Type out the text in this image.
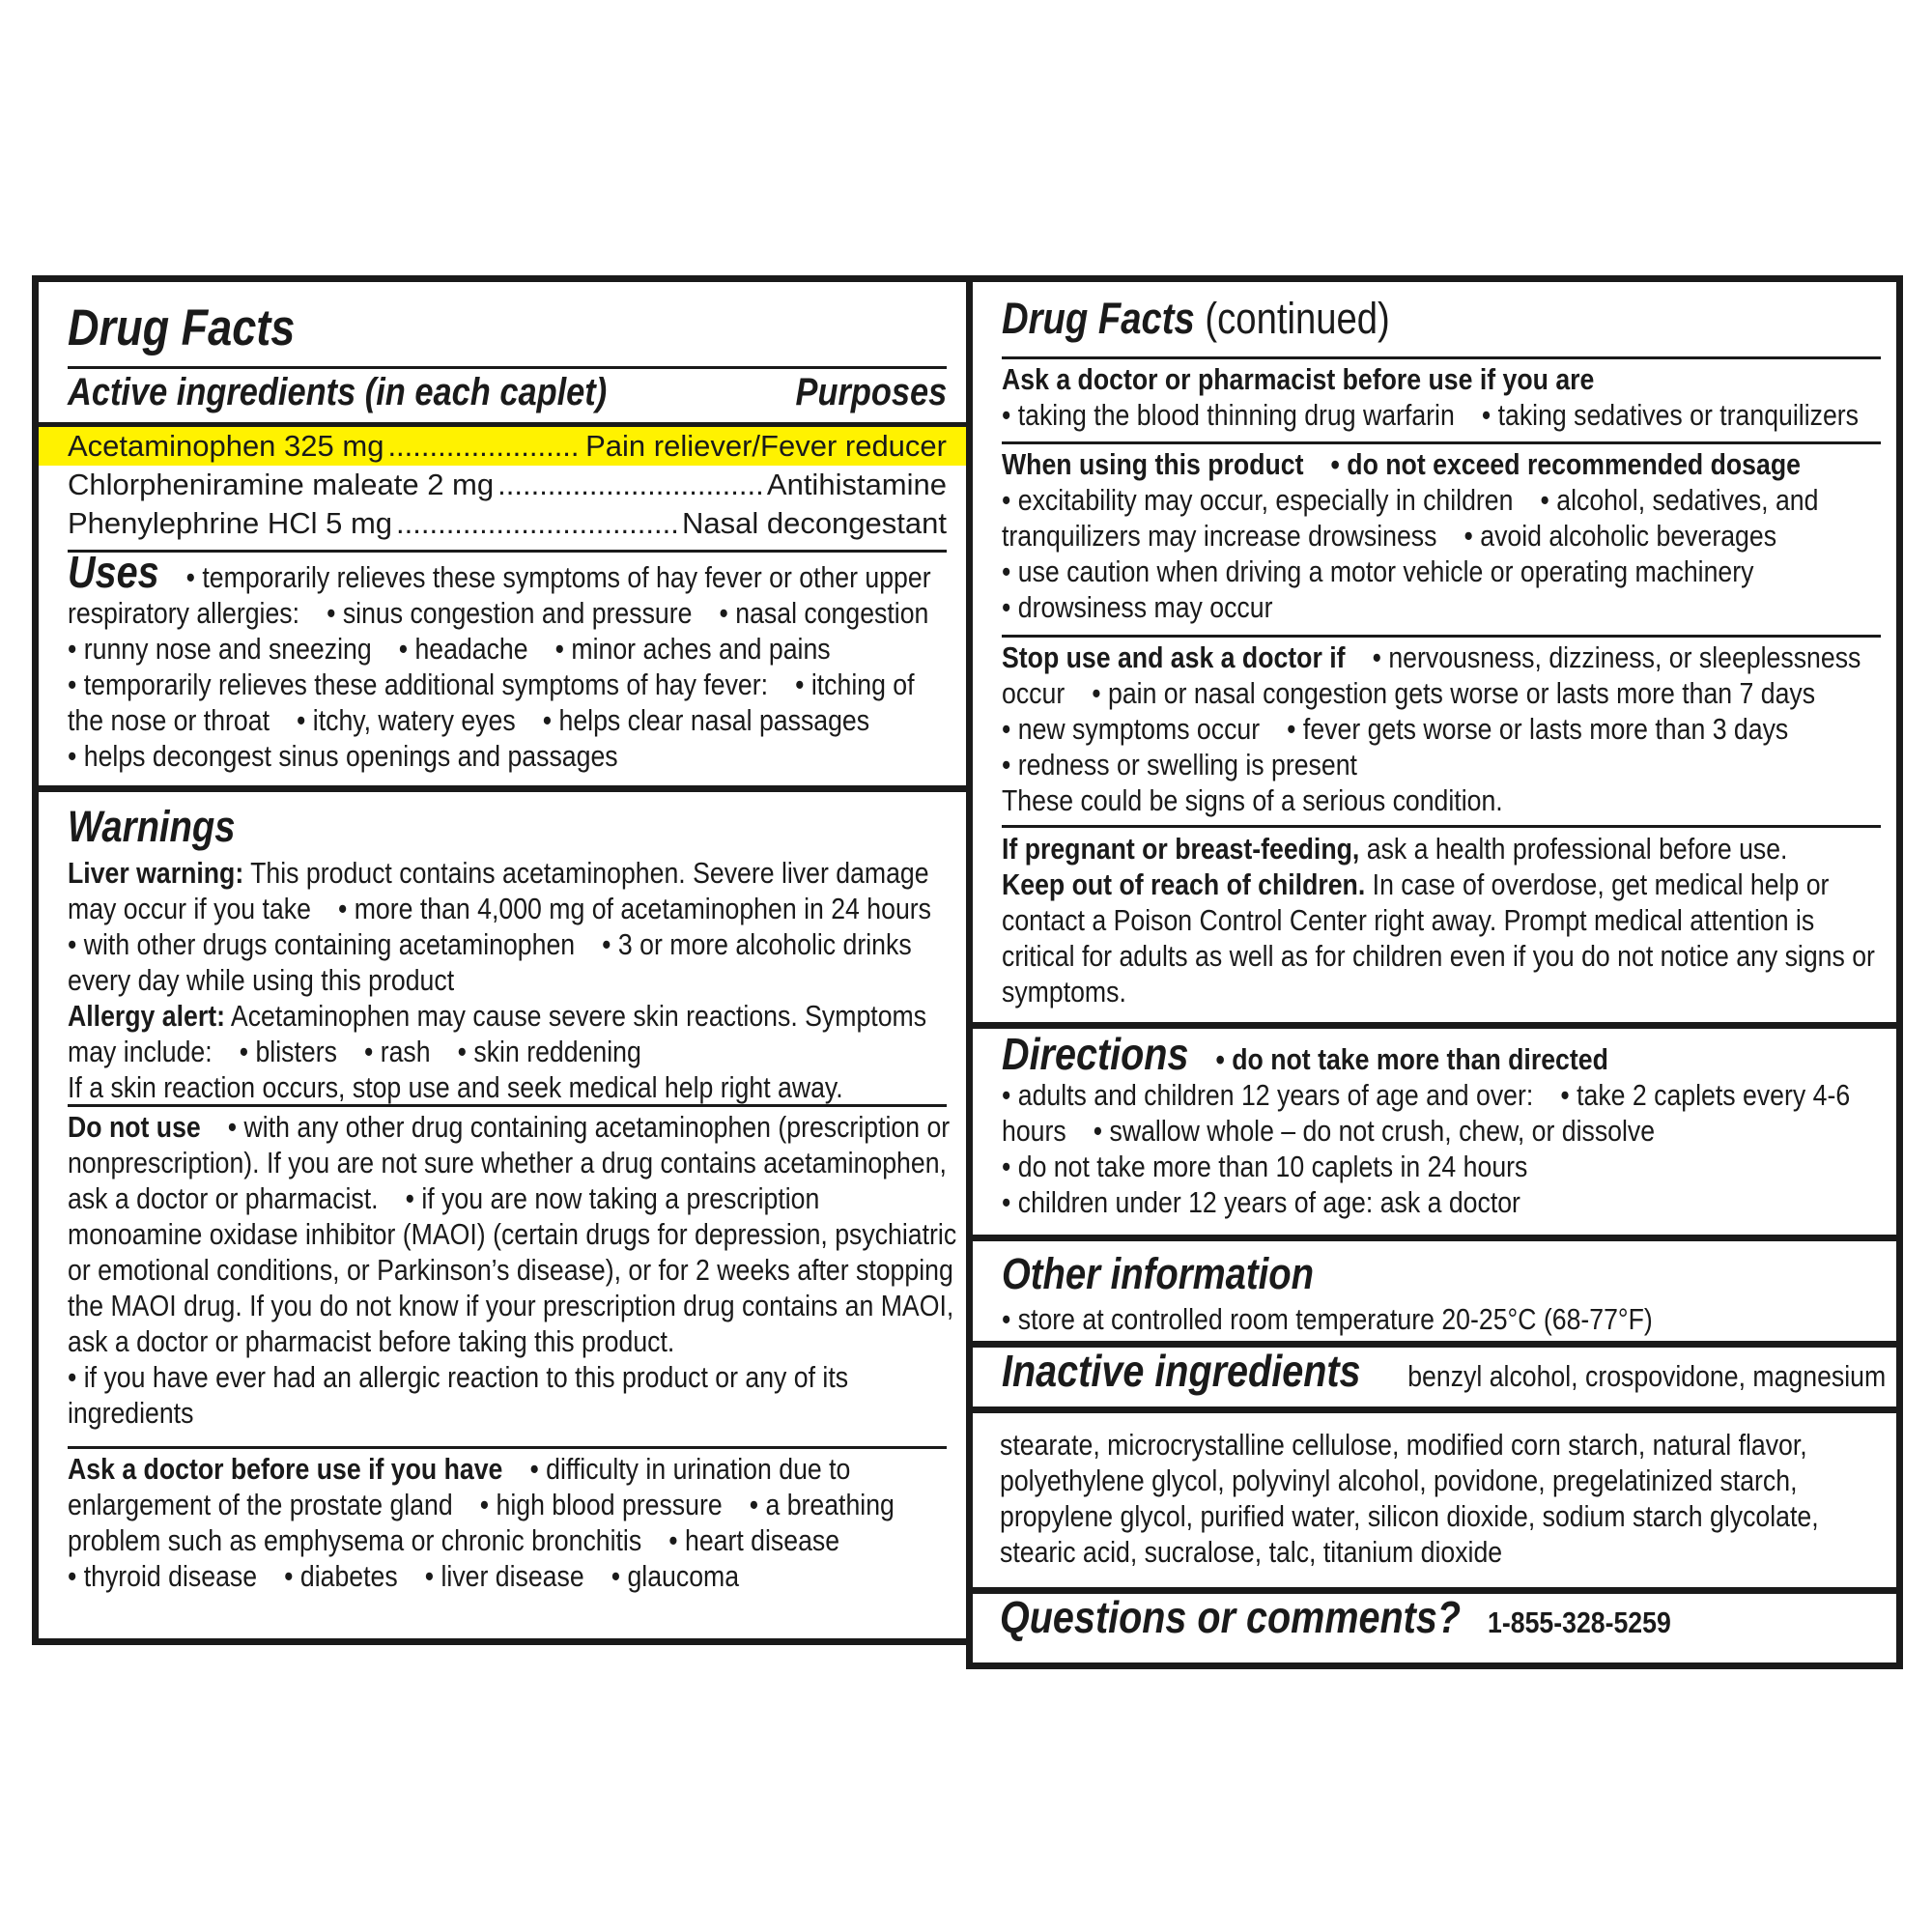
Drug Facts
Active ingredients (in each caplet)	Purposes
Acetaminophen 325 mg .....	Pain reliever/Fever reducer
Chlorpheniramine maleate 2 mg .....	Antihistamine
Phenylephrine HCl 5 mg .....	Nasal decongestant
Uses • temporarily relieves these symptoms of hay fever or other upper respiratory allergies: • sinus congestion and pressure • nasal congestion
• runny nose and sneezing • headache • minor aches and pains
• temporarily relieves these additional symptoms of hay fever: • itching of the nose or throat • itchy, watery eyes • helps clear nasal passages
• helps decongest sinus openings and passages
Warnings
Liver warning: This product contains acetaminophen. Severe liver damage may occur if you take • more than 4,000 mg of acetaminophen in 24 hours
• with other drugs containing acetaminophen • 3 or more alcoholic drinks every day while using this product
Allergy alert: Acetaminophen may cause severe skin reactions. Symptoms may include: • blisters • rash • skin reddening
If a skin reaction occurs, stop use and seek medical help right away.
Do not use • with any other drug containing acetaminophen (prescription or nonprescription). If you are not sure whether a drug contains acetaminophen, ask a doctor or pharmacist. • if you are now taking a prescription monoamine oxidase inhibitor (MAOI) (certain drugs for depression, psychiatric or emotional conditions, or Parkinson’s disease), or for 2 weeks after stopping the MAOI drug. If you do not know if your prescription drug contains an MAOI, ask a doctor or pharmacist before taking this product.
• if you have ever had an allergic reaction to this product or any of its ingredients
Ask a doctor before use if you have • difficulty in urination due to enlargement of the prostate gland • high blood pressure • a breathing problem such as emphysema or chronic bronchitis • heart disease
• thyroid disease • diabetes • liver disease • glaucoma
Drug Facts (continued)
Ask a doctor or pharmacist before use if you are
• taking the blood thinning drug warfarin • taking sedatives or tranquilizers
When using this product • do not exceed recommended dosage
• excitability may occur, especially in children • alcohol, sedatives, and tranquilizers may increase drowsiness • avoid alcoholic beverages
• use caution when driving a motor vehicle or operating machinery
• drowsiness may occur
Stop use and ask a doctor if • nervousness, dizziness, or sleeplessness occur • pain or nasal congestion gets worse or lasts more than 7 days
• new symptoms occur • fever gets worse or lasts more than 3 days
• redness or swelling is present
These could be signs of a serious condition.
If pregnant or breast-feeding, ask a health professional before use.
Keep out of reach of children. In case of overdose, get medical help or contact a Poison Control Center right away. Prompt medical attention is critical for adults as well as for children even if you do not notice any signs or symptoms.
Directions • do not take more than directed
• adults and children 12 years of age and over: • take 2 caplets every 4-6 hours • swallow whole – do not crush, chew, or dissolve
• do not take more than 10 caplets in 24 hours
• children under 12 years of age: ask a doctor
Other information
• store at controlled room temperature 20-25°C (68-77°F)
Inactive ingredients benzyl alcohol, crospovidone, magnesium
stearate, microcrystalline cellulose, modified corn starch, natural flavor, polyethylene glycol, polyvinyl alcohol, povidone, pregelatinized starch, propylene glycol, purified water, silicon dioxide, sodium starch glycolate, stearic acid, sucralose, talc, titanium dioxide
Questions or comments? 1-855-328-5259
